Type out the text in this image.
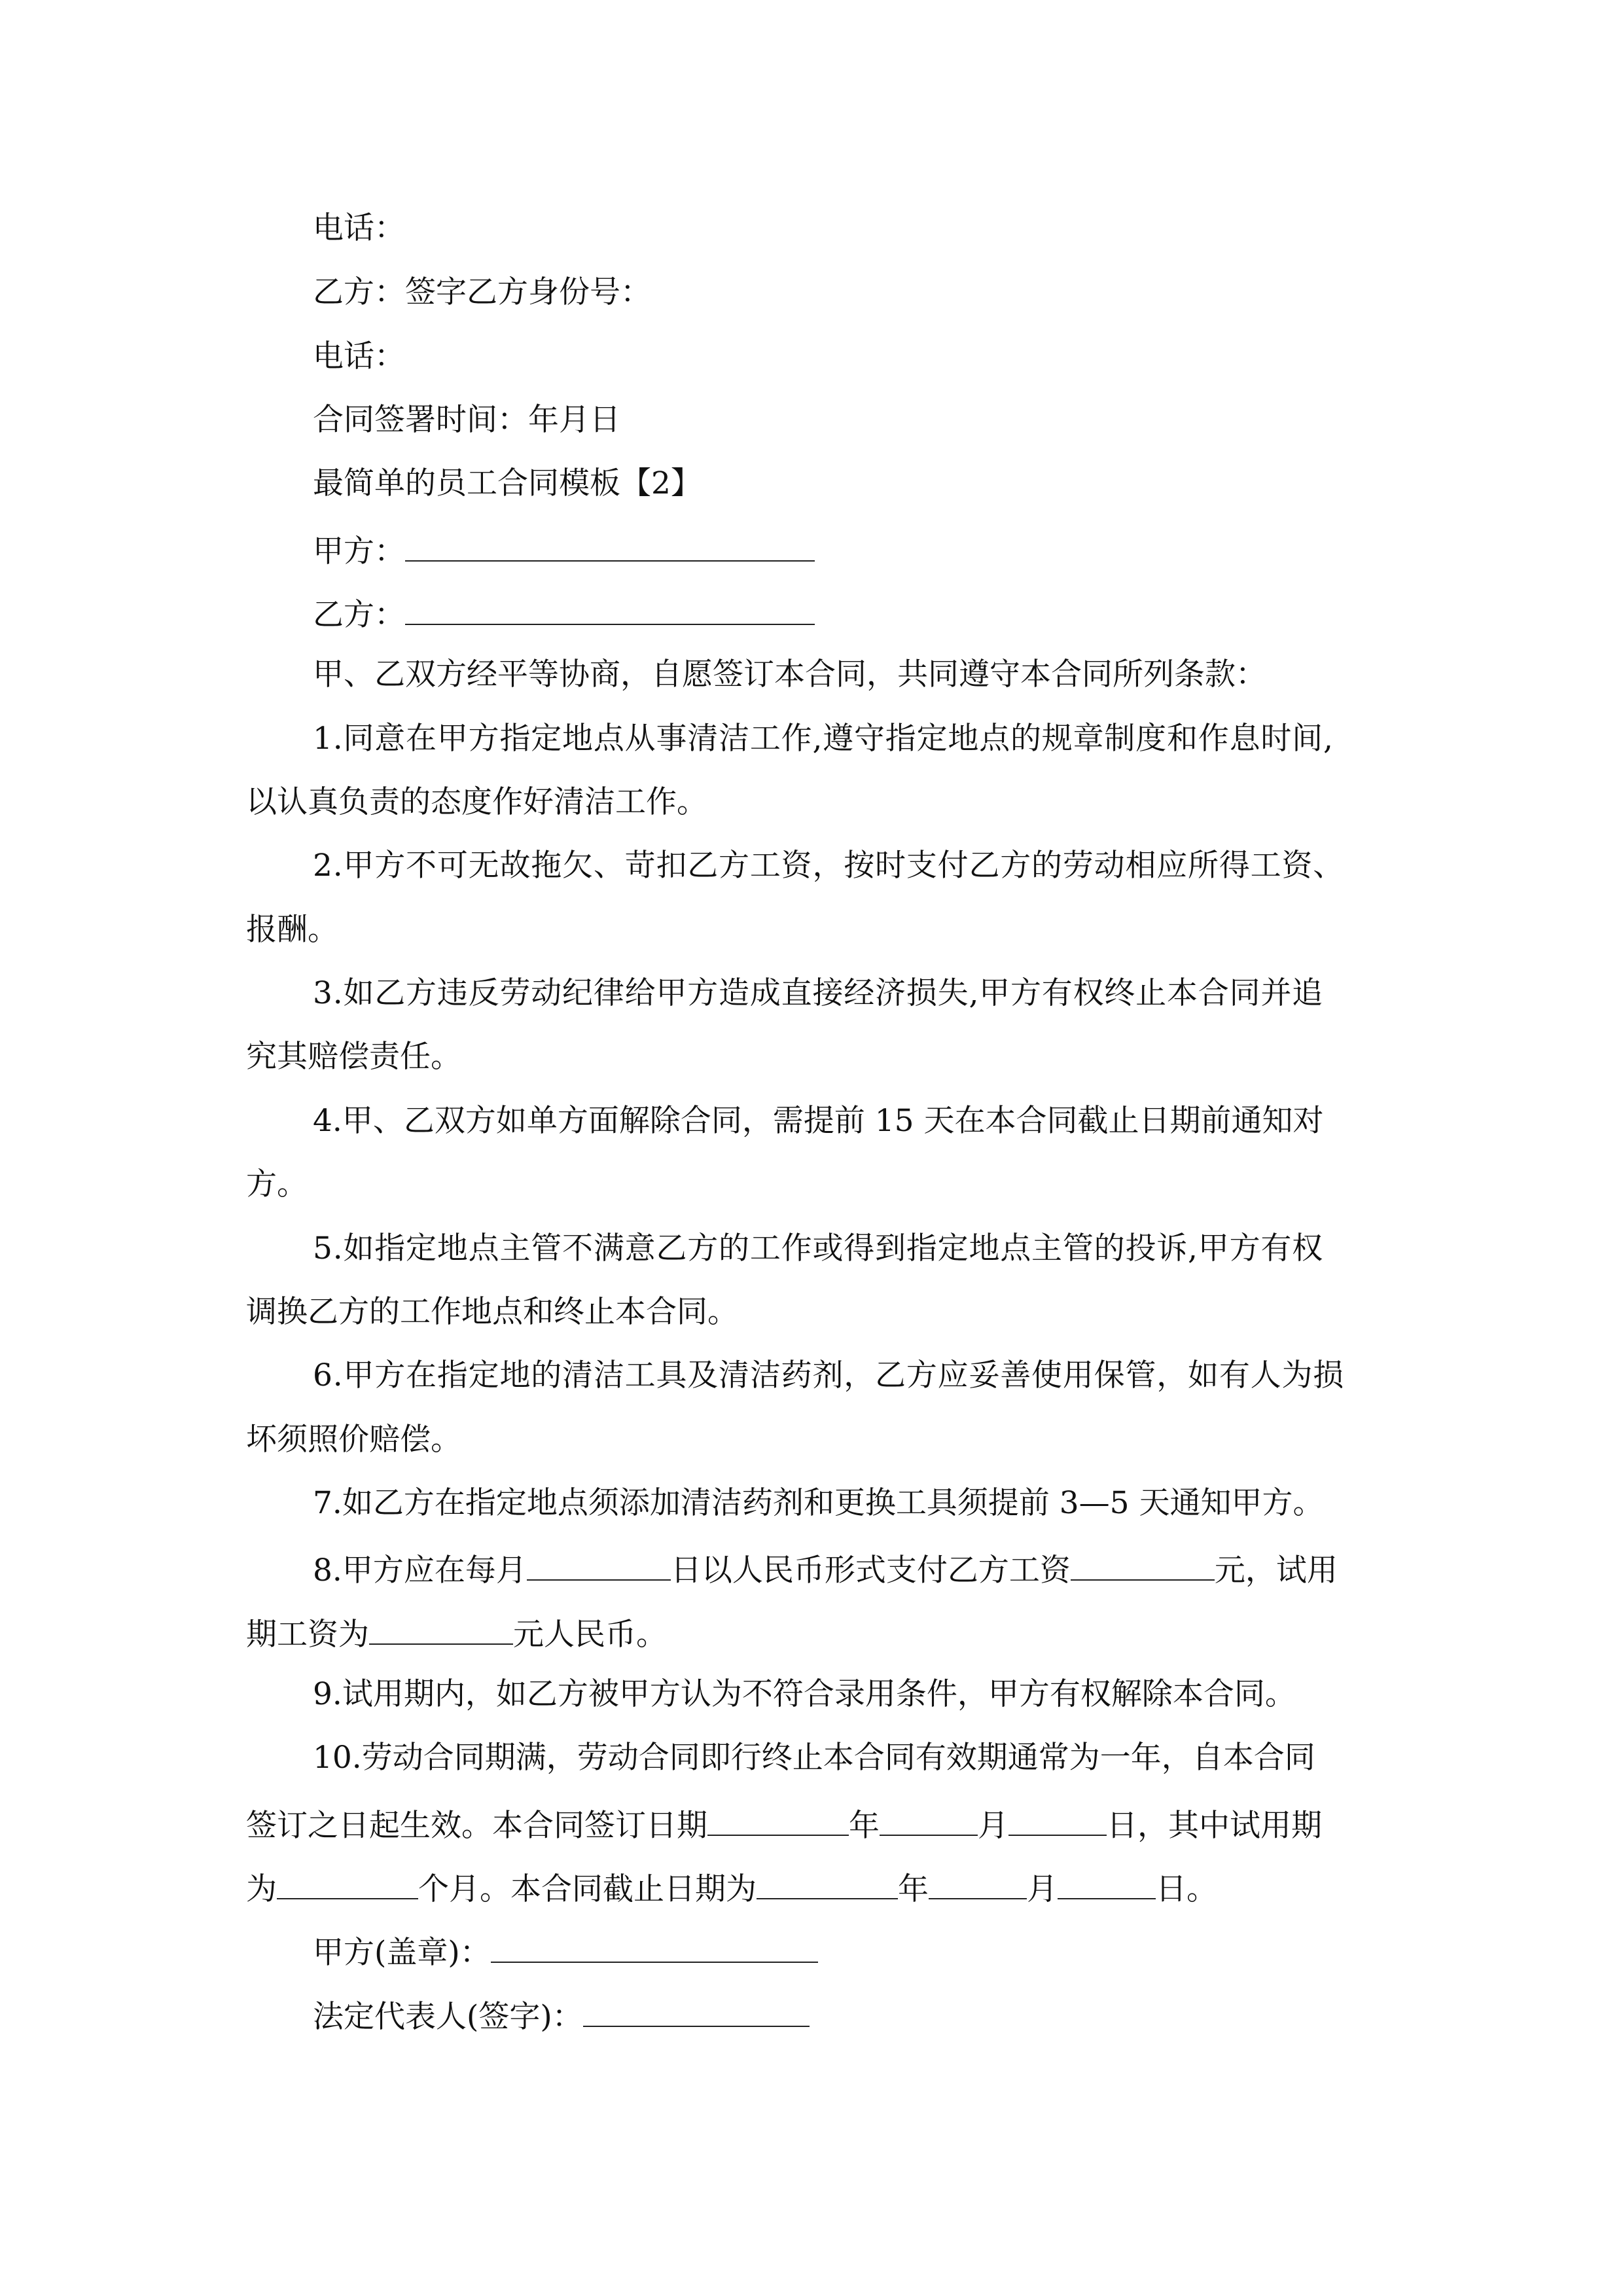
电话：
乙方：签字乙方身份号：
电话：
合同签署时间：年月日
最简单的员工合同模板【2】
甲方：
乙方：
甲、乙双方经平等协商，自愿签订本合同，共同遵守本合同所列条款：
1.同意在甲方指定地点从事清洁工作,遵守指定地点的规章制度和作息时间,
以认真负责的态度作好清洁工作。
2.甲方不可无故拖欠、苛扣乙方工资，按时支付乙方的劳动相应所得工资、
报酬。
3.如乙方违反劳动纪律给甲方造成直接经济损失,甲方有权终止本合同并追
究其赔偿责任。
4.甲、乙双方如单方面解除合同，需提前 15 天在本合同截止日期前通知对
方。
5.如指定地点主管不满意乙方的工作或得到指定地点主管的投诉,甲方有权
调换乙方的工作地点和终止本合同。
6.甲方在指定地的清洁工具及清洁药剂，乙方应妥善使用保管，如有人为损
坏须照价赔偿。
7.如乙方在指定地点须添加清洁药剂和更换工具须提前 3—5 天通知甲方。
8.甲方应在每月	日以人民币形式支付乙方工资	元，试用
期工资为	元人民币。
9.试用期内，如乙方被甲方认为不符合录用条件，甲方有权解除本合同。
10.劳动合同期满，劳动合同即行终止本合同有效期通常为一年，自本合同
签订之日起生效。本合同签订日期	年	月	日，其中试用期
为	个月。本合同截止日期为	年	月	日。
甲方(盖章)：
法定代表人(签字)：
